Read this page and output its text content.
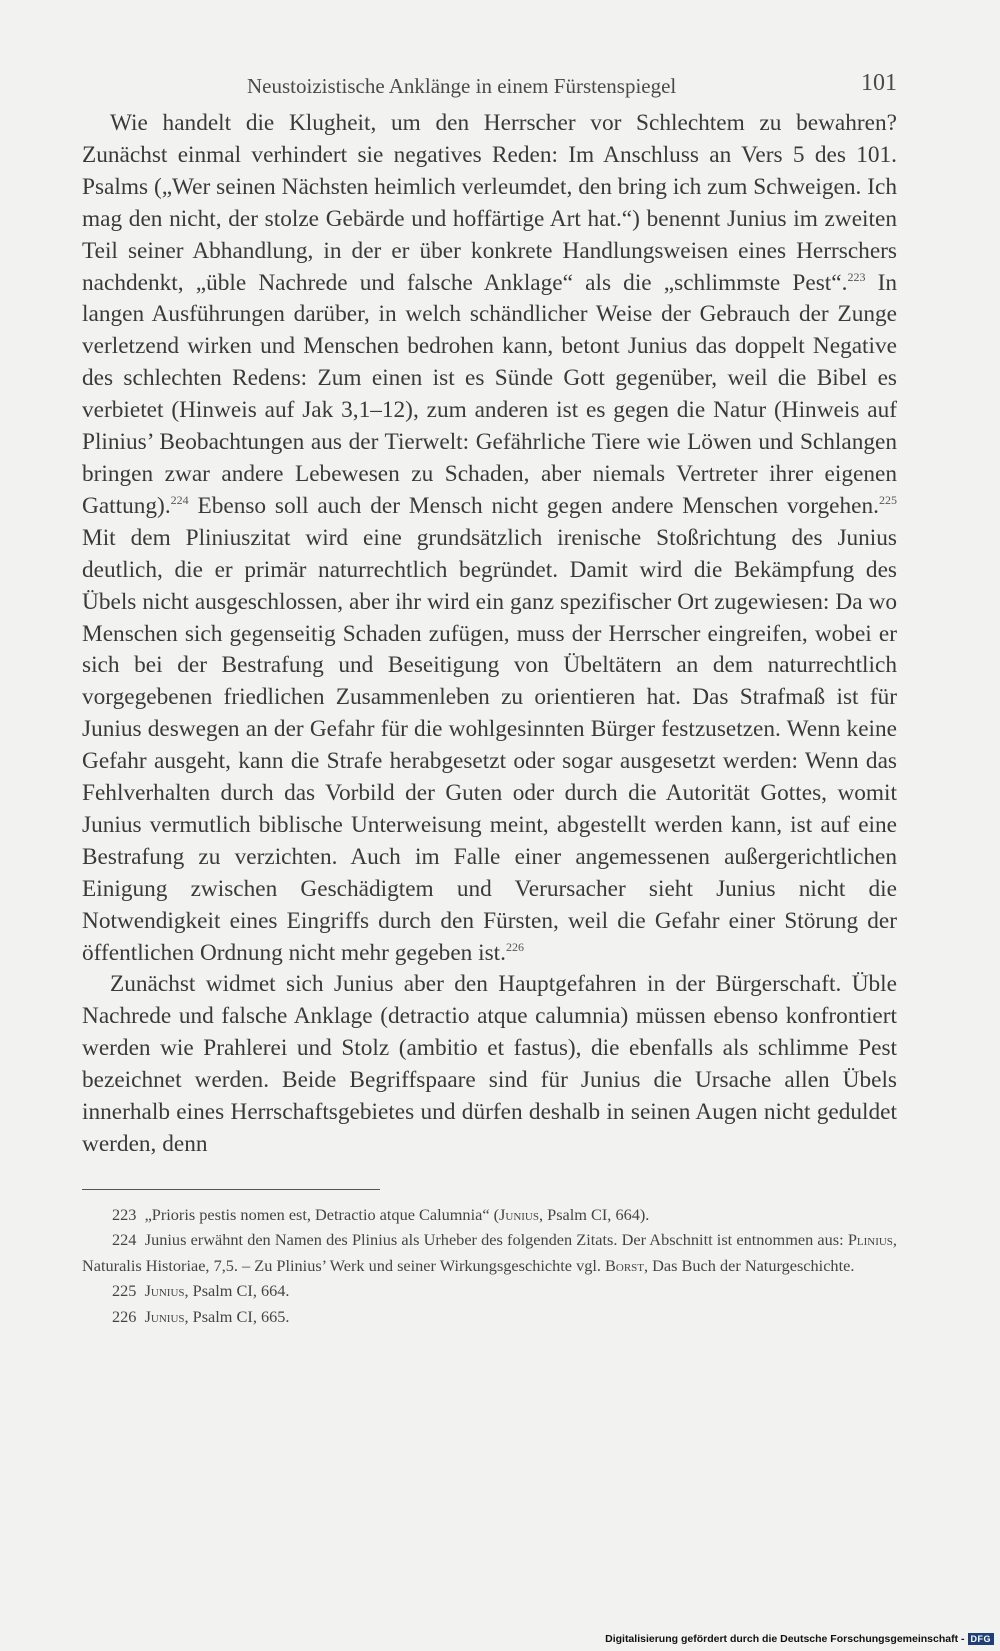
Neustoizistische Anklänge in einem Fürstenspiegel	101

Wie handelt die Klugheit, um den Herrscher vor Schlechtem zu bewahren? Zunächst einmal verhindert sie negatives Reden: Im Anschluss an Vers 5 des 101. Psalms („Wer seinen Nächsten heimlich verleumdet, den bring ich zum Schweigen. Ich mag den nicht, der stolze Gebärde und hoffärtige Art hat.“) benennt Junius im zweiten Teil seiner Abhandlung, in der er über konkrete Handlungsweisen eines Herrschers nachdenkt, „üble Nachrede und falsche Anklage“ als die „schlimmste Pest“.$^{223}$ In langen Ausführungen darüber, in welch schändlicher Weise der Gebrauch der Zunge verletzend wirken und Menschen bedrohen kann, betont Junius das doppelt Negative des schlechten Redens: Zum einen ist es Sünde Gott gegenüber, weil die Bibel es verbietet (Hinweis auf Jak 3,1–12), zum anderen ist es gegen die Natur (Hinweis auf Plinius’ Beobachtungen aus der Tierwelt: Gefährliche Tiere wie Löwen und Schlangen bringen zwar andere Lebewesen zu Schaden, aber niemals Vertreter ihrer eigenen Gattung).$^{224}$ Ebenso soll auch der Mensch nicht gegen andere Menschen vorgehen.$^{225}$ Mit dem Pliniuszitat wird eine grundsätzlich irenische Stoßrichtung des Junius deutlich, die er primär naturrechtlich begründet. Damit wird die Bekämpfung des Übels nicht ausgeschlossen, aber ihr wird ein ganz spezifischer Ort zugewiesen: Da wo Menschen sich gegenseitig Schaden zufügen, muss der Herrscher eingreifen, wobei er sich bei der Bestrafung und Beseitigung von Übeltätern an dem naturrechtlich vorgegebenen friedlichen Zusammenleben zu orientieren hat. Das Strafmaß ist für Junius deswegen an der Gefahr für die wohlgesinnten Bürger festzusetzen. Wenn keine Gefahr ausgeht, kann die Strafe herabgesetzt oder sogar ausgesetzt werden: Wenn das Fehlverhalten durch das Vorbild der Guten oder durch die Autorität Gottes, womit Junius vermutlich biblische Unterweisung meint, abgestellt werden kann, ist auf eine Bestrafung zu verzichten. Auch im Falle einer angemessenen außergerichtlichen Einigung zwischen Geschädigtem und Verursacher sieht Junius nicht die Notwendigkeit eines Eingriffs durch den Fürsten, weil die Gefahr einer Störung der öffentlichen Ordnung nicht mehr gegeben ist.$^{226}$

Zunächst widmet sich Junius aber den Hauptgefahren in der Bürgerschaft. Üble Nachrede und falsche Anklage (detractio atque calumnia) müssen ebenso konfrontiert werden wie Prahlerei und Stolz (ambitio et fastus), die ebenfalls als schlimme Pest bezeichnet werden. Beide Begriffspaare sind für Junius die Ursache allen Übels innerhalb eines Herrschaftsgebietes und dürfen deshalb in seinen Augen nicht geduldet werden, denn

223 „Prioris pestis nomen est, Detractio atque Calumnia“ (Junius, Psalm CI, 664).

224 Junius erwähnt den Namen des Plinius als Urheber des folgenden Zitats. Der Abschnitt ist entnommen aus: Plinius, Naturalis Historiae, 7,5. – Zu Plinius’ Werk und seiner Wirkungsgeschichte vgl. Borst, Das Buch der Naturgeschichte.

225 Junius, Psalm CI, 664.

226 Junius, Psalm CI, 665.

Digitalisierung gefördert durch die Deutsche Forschungsgemeinschaft - DFG
